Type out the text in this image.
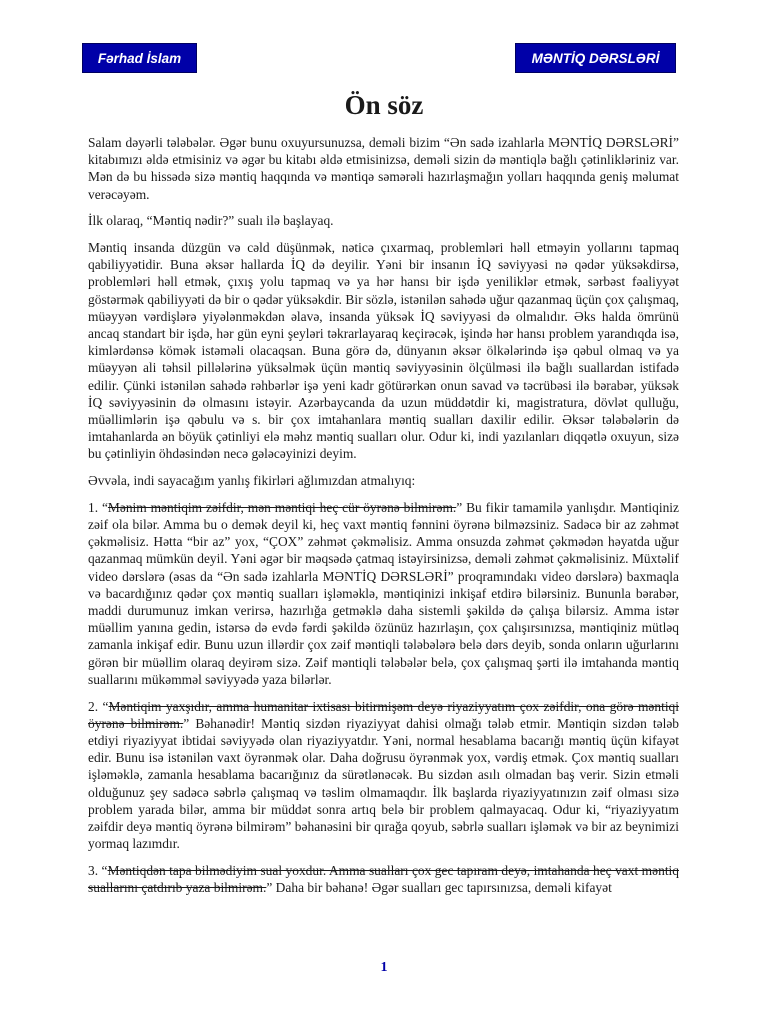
Fərhad İslam	MƏNTİQ DƏRSLƏRİ
Ön söz

Salam dəyərli tələbələr. Əgər bunu oxuyursunuzsa, deməli bizim “Ən sadə izahlarla MƏNTİQ DƏRSLƏRİ” kitabımızı əldə etmisiniz və əgər bu kitabı əldə etmisinizsə, deməli sizin də məntiqlə bağlı çətinlikləriniz var. Mən də bu hissədə sizə məntiq haqqında və məntiqə səmərəli hazırlaşmağın yolları haqqında geniş məlumat verəcəyəm.

İlk olaraq, “Məntiq nədir?” sualı ilə başlayaq.

Məntiq insanda düzgün və cəld düşünmək, nəticə çıxarmaq, problemləri həll etməyin yollarını tapmaq qabiliyyətidir. Buna əksər hallarda İQ də deyilir. Yəni bir insanın İQ səviyyəsi nə qədər yüksəkdirsə, problemləri həll etmək, çıxış yolu tapmaq və ya hər hansı bir işdə yeniliklər etmək, sərbəst fəaliyyət göstərmək qabiliyyəti də bir o qədər yüksəkdir. Bir sözlə, istənilən sahədə uğur qazanmaq üçün çox çalışmaq, müəyyən vərdişlərə yiyələnməkdən əlavə, insanda yüksək İQ səviyyəsi də olmalıdır. Əks halda ömrünü ancaq standart bir işdə, hər gün eyni şeyləri təkrarlayaraq keçirəcək, işində hər hansı problem yarandıqda isə, kimlərdənsə kömək istəməli olacaqsan. Buna görə də, dünyanın əksər ölkələrində işə qəbul olmaq və ya müəyyən ali təhsil pillələrinə yüksəlmək üçün məntiq səviyyəsinin ölçülməsi ilə bağlı suallardan istifadə edilir. Çünki istənilən sahədə rəhbərlər işə yeni kadr götürərkən onun savad və təcrübəsi ilə bərabər, yüksək İQ səviyyəsinin də olmasını istəyir. Azərbaycanda da uzun müddətdir ki, magistratura, dövlət qulluğu, müəllimlərin işə qəbulu və s. bir çox imtahanlara məntiq sualları daxilir edilir. Əksər tələbələrin də imtahanlarda ən böyük çətinliyi elə məhz məntiq sualları olur. Odur ki, indi yazılanları diqqətlə oxuyun, sizə bu çətinliyin öhdəsindən necə gələcəyinizi deyim.

Əvvəla, indi sayacağım yanlış fikirləri ağlımızdan atmalıyıq:

1. “Mənim məntiqim zəifdir, mən məntiqi heç cür öyrənə bilmirəm.” Bu fikir tamamilə yanlışdır. Məntiqiniz zəif ola bilər. Amma bu o demək deyil ki, heç vaxt məntiq fənnini öyrənə bilməzsiniz. Sadəcə bir az zəhmət çəkməlisiz. Hətta “bir az” yox, “ÇOX” zəhmət çəkməlisiz. Amma onsuzda zəhmət çəkmədən həyatda uğur qazanmaq mümkün deyil. Yəni əgər bir məqsədə çatmaq istəyirsinizsə, deməli zəhmət çəkməlisiniz. Müxtəlif video dərslərə (əsas da “Ən sadə izahlarla MƏNTİQ DƏRSLƏRİ” proqramındakı video dərslərə) baxmaqla və bacardığınız qədər çox məntiq sualları işləməklə, məntiqinizi inkişaf etdirə bilərsiniz. Bununla bərabər, maddi durumunuz imkan verirsə, hazırlığa getməklə daha sistemli şəkildə də çalışa bilərsiz. Amma istər müəllim yanına gedin, istərsə də evdə fərdi şəkildə özünüz hazırlaşın, çox çalışırsınızsa, məntiqiniz mütləq zamanla inkişaf edir. Bunu uzun illərdir çox zəif məntiqli tələbələrə belə dərs deyib, sonda onların uğurlarını görən bir müəllim olaraq deyirəm sizə. Zəif məntiqli tələbələr belə, çox çalışmaq şərti ilə imtahanda məntiq suallarını mükəmməl səviyyədə yaza bilərlər.

2. “Məntiqim yaxşıdır, amma humanitar ixtisası bitirmişəm deyə riyaziyyatım çox zəifdir, ona görə məntiqi öyrənə bilmirəm.” Bəhanədir! Məntiq sizdən riyaziyyat dahisi olmağı tələb etmir. Məntiqin sizdən tələb etdiyi riyaziyyat ibtidai səviyyədə olan riyaziyyatdır. Yəni, normal hesablama bacarığı məntiq üçün kifayət edir. Bunu isə istənilən vaxt öyrənmək olar. Daha doğrusu öyrənmək yox, vərdiş etmək. Çox məntiq sualları işləməklə, zamanla hesablama bacarığınız da sürətlənəcək. Bu sizdən asılı olmadan baş verir. Sizin etməli olduğunuz şey sadəcə səbrlə çalışmaq və təslim olmamaqdır. İlk başlarda riyaziyyatınızın zəif olması sizə problem yarada bilər, amma bir müddət sonra artıq belə bir problem qalmayacaq. Odur ki, “riyaziyyatım zəifdir deyə məntiq öyrənə bilmirəm” bəhanəsini bir qırağa qoyub, səbrlə sualları işləmək və bir az beynimizi yormaq lazımdır.

3. “Məntiqdən tapa bilmədiyim sual yoxdur. Amma sualları çox gec tapıram deyə, imtahanda heç vaxt məntiq suallarını çatdırıb yaza bilmirəm.” Daha bir bəhanə! Əgər sualları gec tapırsınızsa, deməli kifayət

1
